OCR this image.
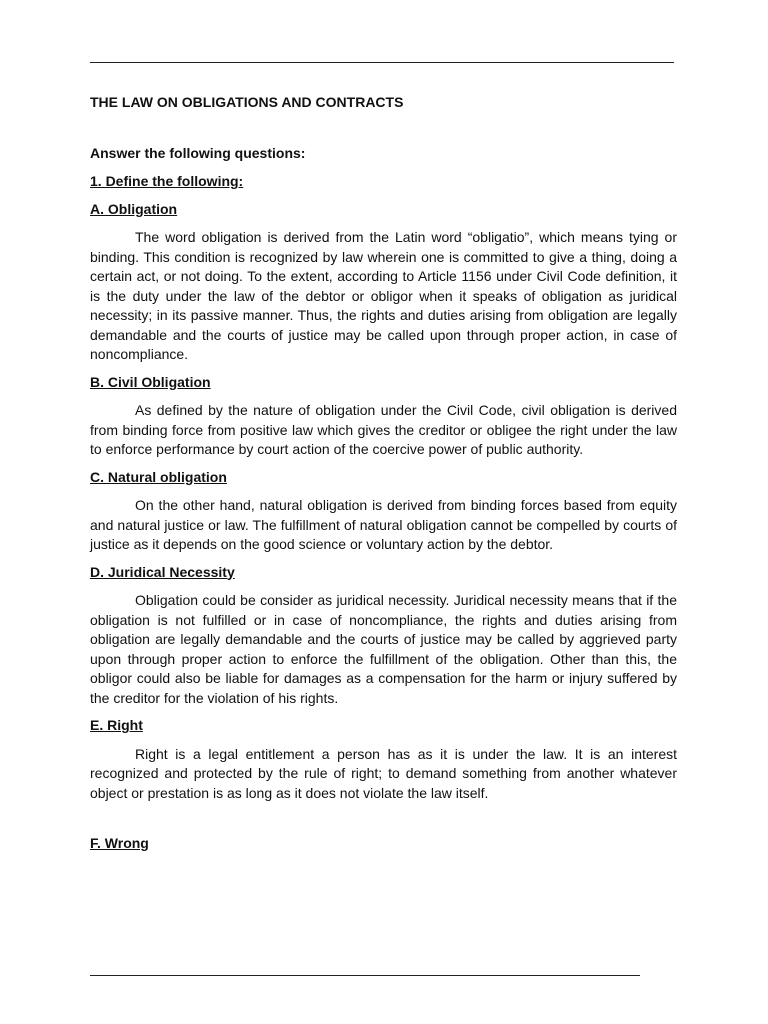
THE LAW ON OBLIGATIONS AND CONTRACTS
Answer the following questions:
1. Define the following:
A. Obligation

The word obligation is derived from the Latin word “obligatio”, which means tying or binding. This condition is recognized by law wherein one is committed to give a thing, doing a certain act, or not doing. To the extent, according to Article 1156 under Civil Code definition, it is the duty under the law of the debtor or obligor when it speaks of obligation as juridical necessity; in its passive manner. Thus, the rights and duties arising from obligation are legally demandable and the courts of justice may be called upon through proper action, in case of noncompliance.

B. Civil Obligation

As defined by the nature of obligation under the Civil Code, civil obligation is derived from binding force from positive law which gives the creditor or obligee the right under the law to enforce performance by court action of the coercive power of public authority.

C. Natural obligation

On the other hand, natural obligation is derived from binding forces based from equity and natural justice or law. The fulfillment of natural obligation cannot be compelled by courts of justice as it depends on the good science or voluntary action by the debtor.

D. Juridical Necessity

Obligation could be consider as juridical necessity. Juridical necessity means that if the obligation is not fulfilled or in case of noncompliance, the rights and duties arising from obligation are legally demandable and the courts of justice may be called by aggrieved party upon through proper action to enforce the fulfillment of the obligation. Other than this, the obligor could also be liable for damages as a compensation for the harm or injury suffered by the creditor for the violation of his rights.

E. Right

Right is a legal entitlement a person has as it is under the law. It is an interest recognized and protected by the rule of right; to demand something from another whatever object or prestation is as long as it does not violate the law itself.

F. Wrong
